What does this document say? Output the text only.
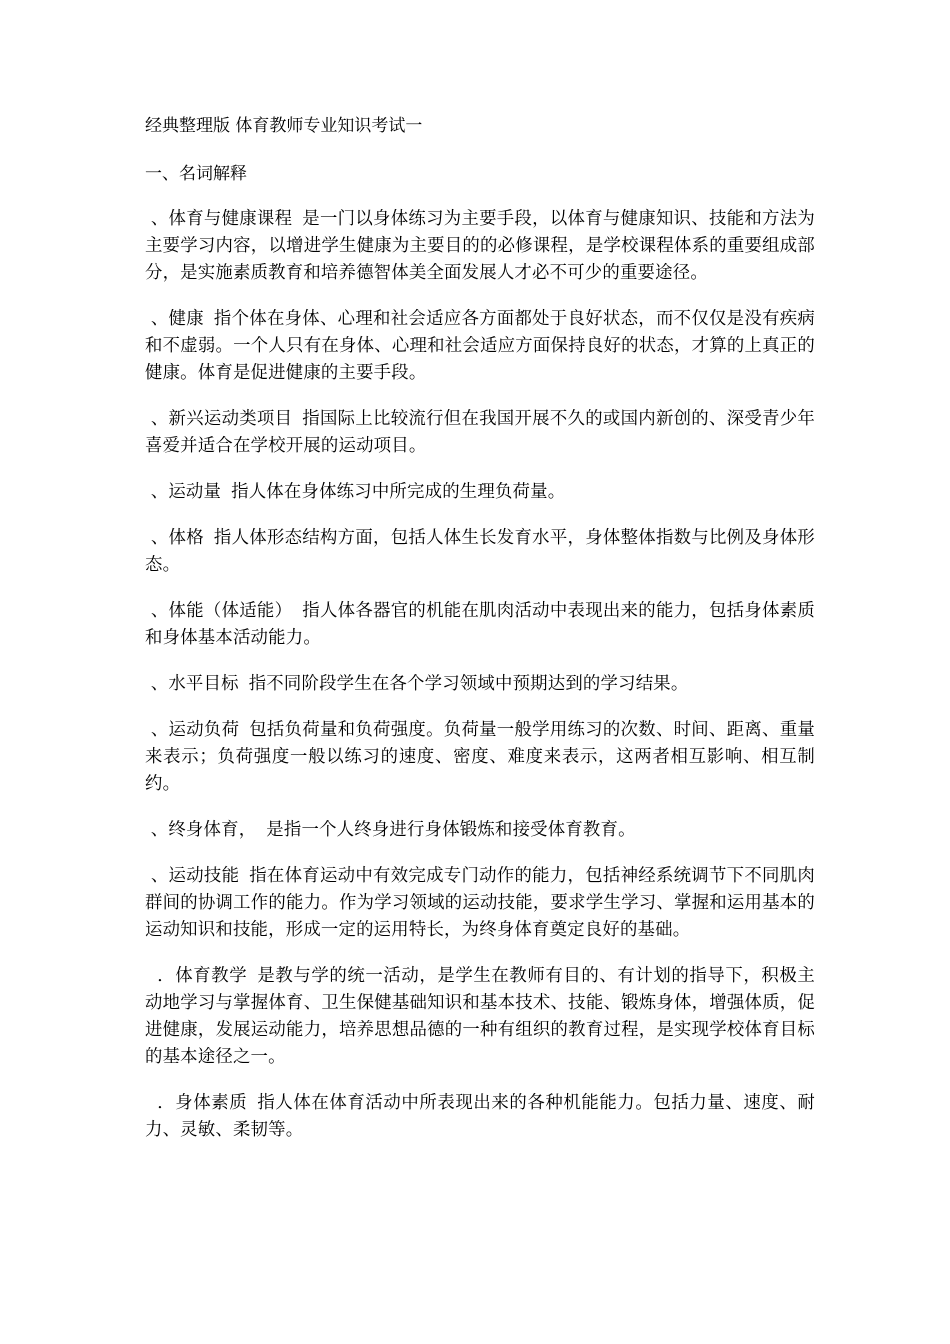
经典整理版 体育教师专业知识考试一
一、名词解释
、体育与健康课程 是一门以身体练习为主要手段，以体育与健康知识、技能和方法为主要学习内容，以增进学生健康为主要目的的必修课程，是学校课程体系的重要组成部分，是实施素质教育和培养德智体美全面发展人才必不可少的重要途径。
、健康 指个体在身体、心理和社会适应各方面都处于良好状态，而不仅仅是没有疾病和不虚弱。一个人只有在身体、心理和社会适应方面保持良好的状态，才算的上真正的健康。体育是促进健康的主要手段。
、新兴运动类项目 指国际上比较流行但在我国开展不久的或国内新创的、深受青少年喜爱并适合在学校开展的运动项目。
、运动量 指人体在身体练习中所完成的生理负荷量。
、体格 指人体形态结构方面，包括人体生长发育水平，身体整体指数与比例及身体形态。
、体能（体适能） 指人体各器官的机能在肌肉活动中表现出来的能力，包括身体素质和身体基本活动能力。
、水平目标 指不同阶段学生在各个学习领域中预期达到的学习结果。
、运动负荷 包括负荷量和负荷强度。负荷量一般学用练习的次数、时间、距离、重量来表示；负荷强度一般以练习的速度、密度、难度来表示，这两者相互影响、相互制约。
、终身体育， 是指一个人终身进行身体锻炼和接受体育教育。
、运动技能 指在体育运动中有效完成专门动作的能力，包括神经系统调节下不同肌肉群间的协调工作的能力。作为学习领域的运动技能，要求学生学习、掌握和运用基本的运动知识和技能，形成一定的运用特长，为终身体育奠定良好的基础。
．体育教学 是教与学的统一活动，是学生在教师有目的、有计划的指导下，积极主动地学习与掌握体育、卫生保健基础知识和基本技术、技能、锻炼身体，增强体质，促进健康，发展运动能力，培养思想品德的一种有组织的教育过程，是实现学校体育目标的基本途径之一。
．身体素质 指人体在体育活动中所表现出来的各种机能能力。包括力量、速度、耐力、灵敏、柔韧等。
